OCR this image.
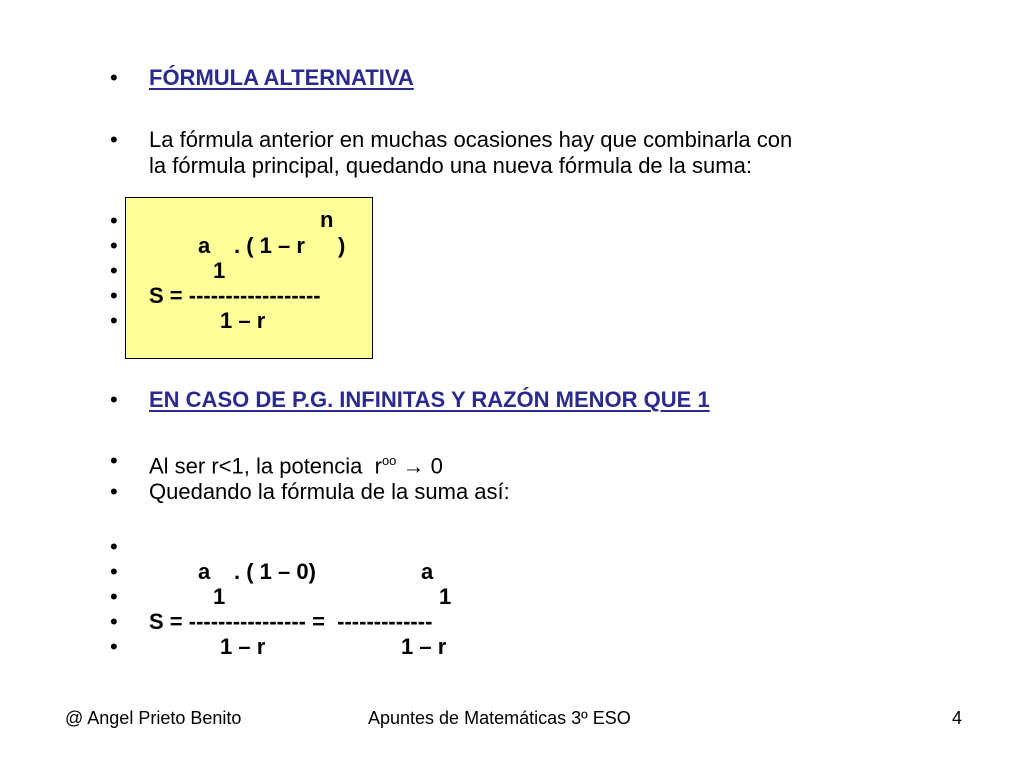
• FÓRMULA ALTERNATIVA
• La fórmula anterior en muchas ocasiones hay que combinarla con
la fórmula principal, quedando una nueva fórmula de la suma:
•
•
•
•
•
n
a . ( 1 – r )
1
S = ------------------
1 – r
• EN CASO DE P.G. INFINITAS Y RAZÓN MENOR QUE 1
• Al ser r<1, la potencia  $r^{oo} \to 0$
• Quedando la fórmula de la suma así:
•
•
•
•
•
a . ( 1 – 0)	a
1	1
S = ---------------- =  -------------
1 – r	1 – r
@ Angel Prieto Benito	Apuntes de Matemáticas 3º ESO	4
